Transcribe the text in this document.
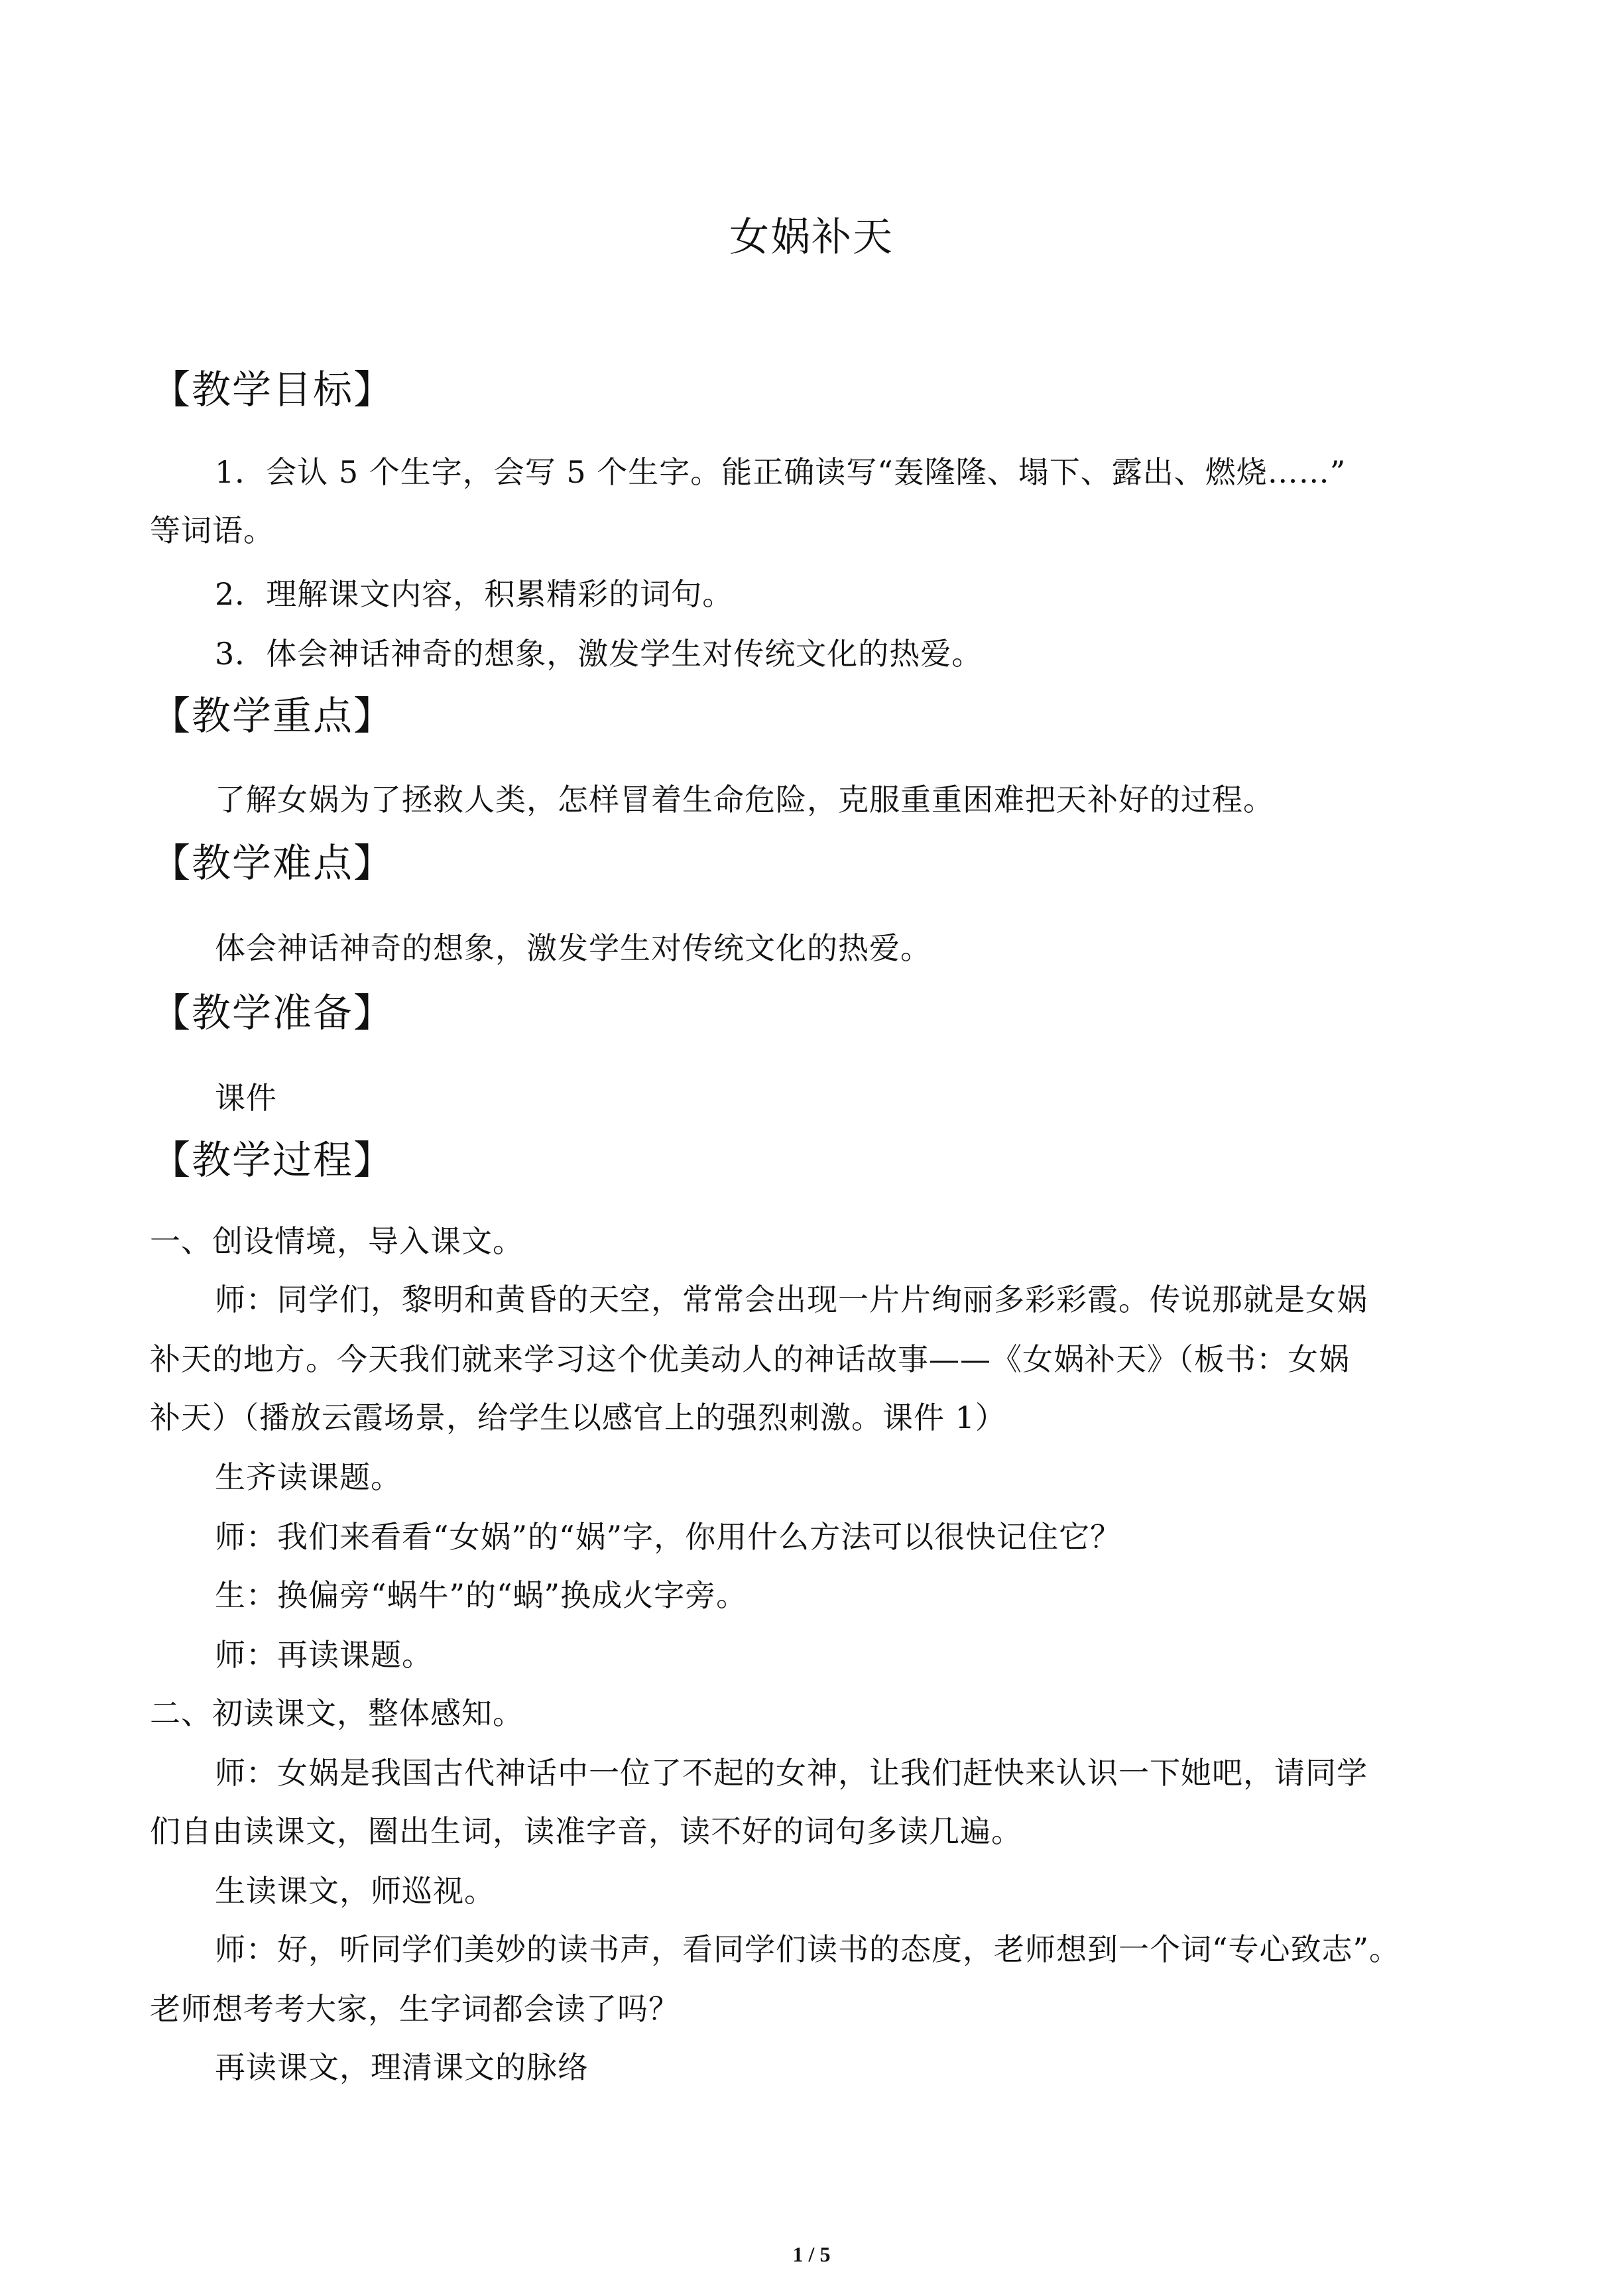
女娲补天
【教学目标】
1．会认 5 个生字，会写 5 个生字。能正确读写“轰隆隆、塌下、露出、燃烧……”
等词语。
2．理解课文内容，积累精彩的词句。
3．体会神话神奇的想象，激发学生对传统文化的热爱。
【教学重点】
了解女娲为了拯救人类，怎样冒着生命危险，克服重重困难把天补好的过程。
【教学难点】
体会神话神奇的想象，激发学生对传统文化的热爱。
【教学准备】
课件
【教学过程】
一、创设情境，导入课文。
师：同学们，黎明和黄昏的天空，常常会出现一片片绚丽多彩彩霞。传说那就是女娲
补天的地方。今天我们就来学习这个优美动人的神话故事——《女娲补天》（板书：女娲
补天）（播放云霞场景，给学生以感官上的强烈刺激。课件 1）
生齐读课题。
师：我们来看看“女娲”的“娲”字，你用什么方法可以很快记住它？
生：换偏旁“蜗牛”的“蜗”换成火字旁。
师：再读课题。
二、初读课文，整体感知。
师：女娲是我国古代神话中一位了不起的女神，让我们赶快来认识一下她吧，请同学
们自由读课文，圈出生词，读准字音，读不好的词句多读几遍。
生读课文，师巡视。
师：好，听同学们美妙的读书声，看同学们读书的态度，老师想到一个词“专心致志”。
老师想考考大家，生字词都会读了吗？
再读课文，理清课文的脉络
1 / 5
